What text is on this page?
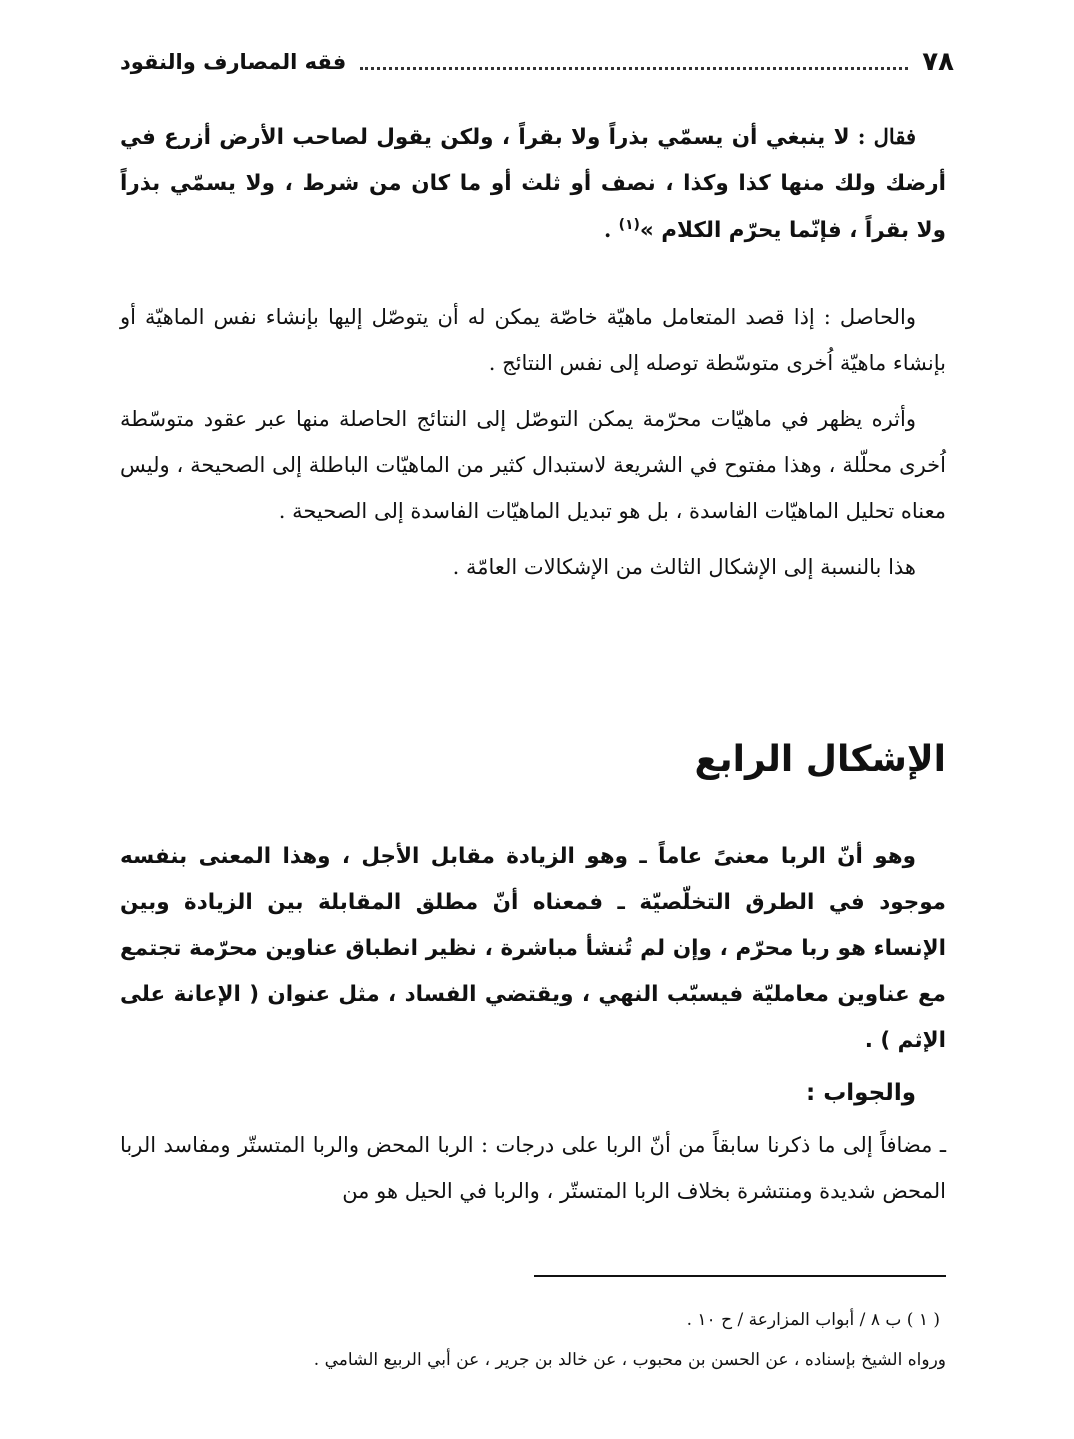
٧٨
فقه المصارف والنقود

فقال : لا ينبغي أن يسمّي بذراً ولا بقراً ، ولكن يقول لصاحب الأرض أزرع في أرضك ولك منها كذا وكذا ، نصف أو ثلث أو ما كان من شرط ، ولا يسمّي بذراً ولا بقراً ، فإنّما يحرّم الكلام »$^{(١)}$ .

والحاصل : إذا قصد المتعامل ماهيّة خاصّة يمكن له أن يتوصّل إليها بإنشاء نفس الماهيّة أو بإنشاء ماهيّة اُخرى متوسّطة توصله إلى نفس النتائج .

وأثره يظهر في ماهيّات محرّمة يمكن التوصّل إلى النتائج الحاصلة منها عبر عقود متوسّطة اُخرى محلّلة ، وهذا مفتوح في الشريعة لاستبدال كثير من الماهيّات الباطلة إلى الصحيحة ، وليس معناه تحليل الماهيّات الفاسدة ، بل هو تبديل الماهيّات الفاسدة إلى الصحيحة .

هذا بالنسبة إلى الإشكال الثالث من الإشكالات العامّة .

الإشكال الرابع

وهو أنّ الربا معنىً عاماً ـ وهو الزيادة مقابل الأجل ، وهذا المعنى بنفسه موجود في الطرق التخلّصيّة ـ فمعناه أنّ مطلق المقابلة بين الزيادة وبين الإنساء هو ربا محرّم ، وإن لم تُنشأ مباشرة ، نظير انطباق عناوين محرّمة تجتمع مع عناوين معامليّة فيسبّب النهي ، ويقتضي الفساد ، مثل عنوان ( الإعانة على الإثم ) .

والجواب :

ـ مضافاً إلى ما ذكرنا سابقاً من أنّ الربا على درجات : الربا المحض والربا المتستّر ومفاسد الربا المحض شديدة ومنتشرة بخلاف الربا المتستّر ، والربا في الحيل هو من

( ١ ) ب ٨ / أبواب المزارعة / ح ١٠ .

ورواه الشيخ بإسناده ، عن الحسن بن محبوب ، عن خالد بن جرير ، عن أبي الربيع الشامي .
